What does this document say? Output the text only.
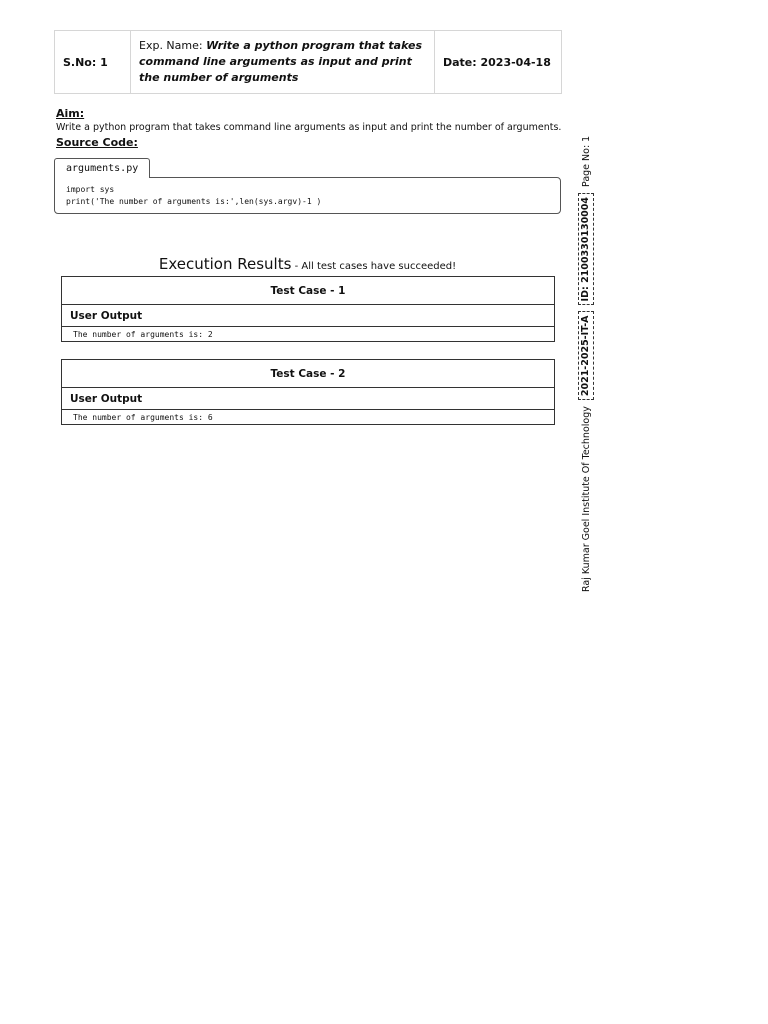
S.No: 1
Exp. Name: Write a python program that takes command line arguments as input and print the number of arguments
Date: 2023-04-18
Aim:
Write a python program that takes command line arguments as input and print the number of arguments.
Source Code:
arguments.py
import sys
print('The number of arguments is:',len(sys.argv)-1 )
Execution Results - All test cases have succeeded!
Test Case - 1
User Output
The number of arguments is: 2
Test Case - 2
User Output
The number of arguments is: 6	Raj Kumar Goel Institute Of Technology
2021-2025-IT-A
ID: 2100330130004
Page No: 1
